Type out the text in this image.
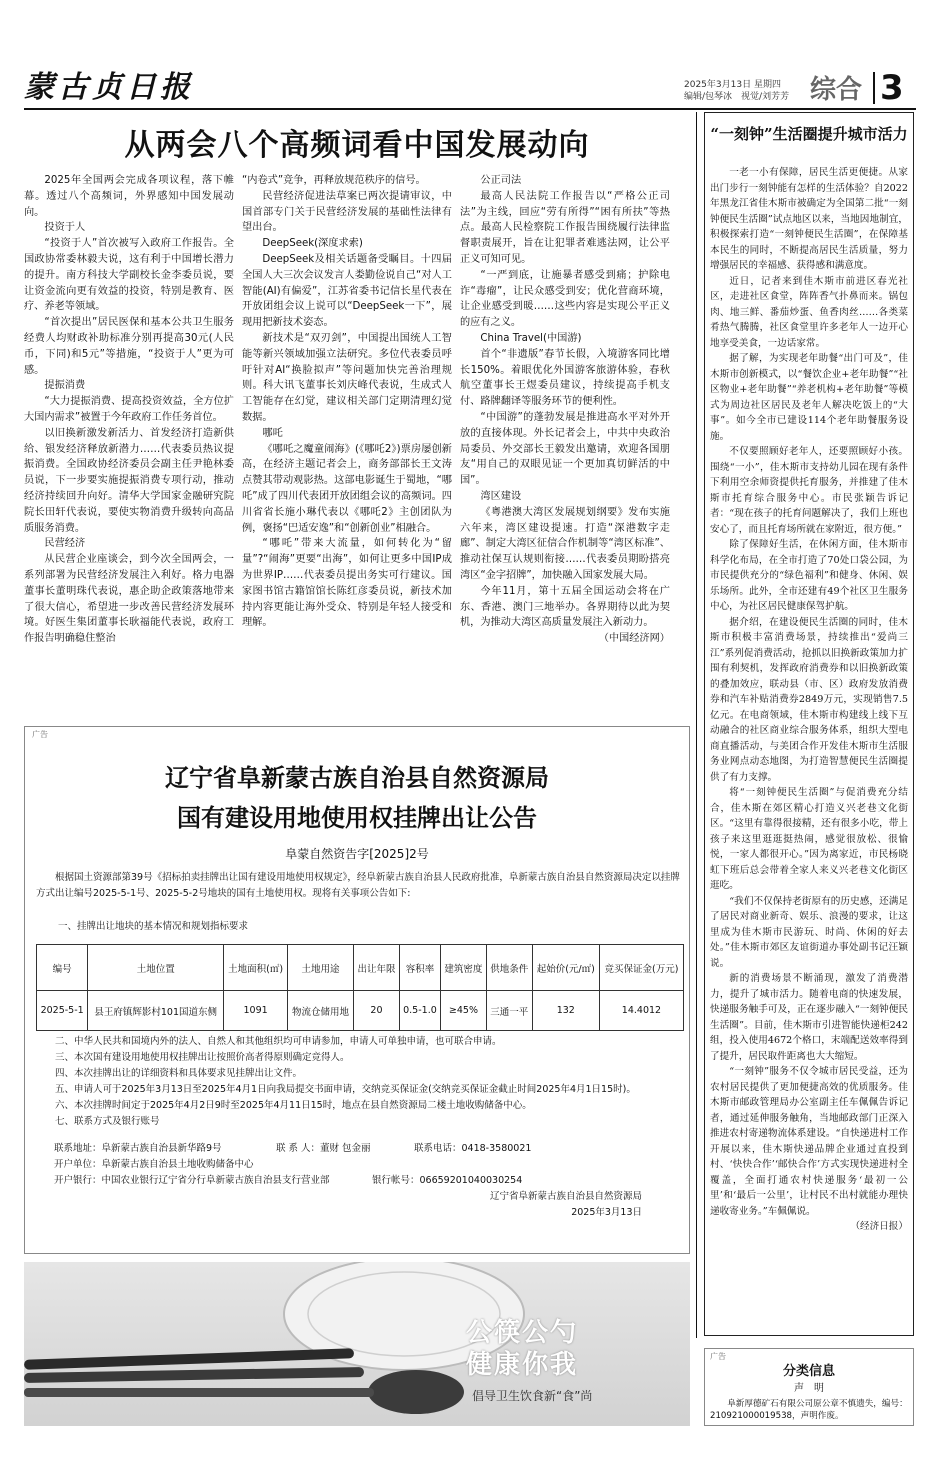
蒙古贞日报	2025年3月13日 星期四
编辑/包琴冰　视觉/刘芳芳 综合 3
从两会八个高频词看中国发展动向
2025年全国两会完成各项议程，落下帷幕。透过八个高频词，外界感知中国发展动向。
投资于人
“投资于人”首次被写入政府工作报告。全国政协常委林毅夫说，这有利于中国增长潜力的提升。南方科技大学副校长金李委员说，要让资金流向更有效益的投资，特别是教育、医疗、养老等领域。
“首次提出”居民医保和基本公共卫生服务经费人均财政补助标准分别再提高30元(人民币，下同)和5元”等措施，“投资于人”更为可感。
提振消费
“大力提振消费、提高投资效益，全方位扩大国内需求”被置于今年政府工作任务首位。
以旧换新激发新活力、首发经济打造新供给、银发经济释放新潜力……代表委员热议提振消费。全国政协经济委员会副主任尹艳林委员说，下一步要实施提振消费专项行动，推动经济持续回升向好。清华大学国家金融研究院院长田轩代表说，要使实物消费升级转向高品质服务消费。
民营经济
从民营企业座谈会，到今次全国两会，一系列部署为民营经济发展注入利好。格力电器董事长董明珠代表说，惠企助企政策落地带来了很大信心，希望进一步改善民营经济发展环境。好医生集团董事长耿福能代表说，政府工作报告明确稳住整治
“内卷式”竞争，再释放规范秩序的信号。
民营经济促进法草案已两次提请审议，中国首部专门关于民营经济发展的基础性法律有望出台。
DeepSeek(深度求索)
DeepSeek及相关话题备受瞩目。十四届全国人大三次会议发言人娄勤俭说自己“对人工智能(AI)有偏爱”，江苏省委书记信长星代表在开放团组会议上说可以“DeepSeek一下”，展现用把新技术姿态。
新技术是“双刃剑”，中国提出国统人工智能等新兴领域加强立法研究。多位代表委员呼吁针对AI“换脸拟声”等问题加快完善治理规则。科大讯飞董事长刘庆峰代表说，生成式人工智能存在幻觉，建议相关部门定期清理幻觉数据。
哪吒
《哪吒之魔童闹海》(《哪吒2》)票房屡创新高，在经济主题记者会上，商务部部长王文涛点赞其带动观影热。这部电影诞生于蜀地，“哪吒”成了四川代表团开放团组会议的高频词。四川省省长施小琳代表以《哪吒2》主创团队为例，褒扬“巴适安逸”和“创新创业”相融合。
“哪吒”带来大流量，如何转化为“留量”?“闹海”更要“出海”，如何让更多中国IP成为世界IP……代表委员提出务实可行建议。国家图书馆古籍馆馆长陈红彦委员说，新技术加持内容更能让海外受众、特别是年轻人接受和理解。
公正司法
最高人民法院工作报告以“严格公正司法”为主线，回应“劳有所得”“困有所扶”等热点。最高人民检察院工作报告围绕履行法律监督职责展开，旨在让犯罪者难逃法网，让公平正义可知可见。
“一严到底，让施暴者感受到痛；护除电诈“毒瘤”，让民众感受到安；优化营商环境，让企业感受到暖……这些内容是实现公平正义的应有之义。
China Travel(中国游)
首个“非遗版”春节长假，入境游客同比增长150%。着眼优化外国游客旅游体验，春秋航空董事长王煜委员建议，持续提高手机支付、路牌翻译等服务环节的便利性。
“中国游”的蓬勃发展是推进高水平对外开放的直接体现。外长记者会上，中共中央政治局委员、外交部长王毅发出邀请，欢迎各国朋友“用自己的双眼见证一个更加真切鲜活的中国”。
湾区建设
《粤港澳大湾区发展规划纲要》发布实施六年来，湾区建设提速。打造“深港数字走廊”、制定大湾区征信合作机制等“湾区标准”、推动社保互认规则衔接……代表委员期盼搭亮湾区“金字招牌”，加快融入国家发展大局。
今年11月，第十五届全国运动会将在广东、香港、澳门三地举办。各界期待以此为契机，为推动大湾区高质量发展注入新动力。
（中国经济网）
“一刻钟”生活圈提升城市活力
一老一小有保障，居民生活更便捷。从家出门步行一刻钟能有怎样的生活体验？自2022年黑龙江省佳木斯市被确定为全国第二批“一刻钟便民生活圈”试点地区以来，当地因地制宜，积极探索打造“一刻钟便民生活圈”，在保障基本民生的同时，不断提高居民生活质量，努力增强居民的幸福感、获得感和满意度。
近日，记者来到佳木斯市前进区春光社区，走进社区食堂，阵阵香气扑鼻而来。锅包肉、地三鲜、番茄炒蛋、鱼香肉丝……各类菜肴热气腾腾，社区食堂里许多老年人一边开心地享受美食，一边话家常。
据了解，为实现老年助餐“出门可及”，佳木斯市创新模式，以“餐饮企业+老年助餐”“社区物业+老年助餐”“养老机构+老年助餐”等模式为周边社区居民及老年人解决吃饭上的“大事”。如今全市已建设114个老年助餐服务设施。
不仅要照顾好老年人，还要照顾好小孩。围绕“一小”，佳木斯市支持幼儿园在现有条件下利用空余师资提供托育服务，并推建了佳木斯市托育综合服务中心。市民张颖告诉记者：“现在孩子的托育问题解决了，我们上班也安心了，而且托育场所就在家附近，很方便。”
除了保障好生活，在休闲方面，佳木斯市科学化布局，在全市打造了70处口袋公园，为市民提供充分的“绿色福利”和健身、休闲、娱乐场所。此外，全市还建有49个社区卫生服务中心，为社区居民健康保驾护航。
据介绍，在建设便民生活圈的同时，佳木斯市积极丰富消费场景，持续推出“爱尚三江”系列促消费活动，抢抓以旧换新政策加力扩围有利契机，发挥政府消费券和以旧换新政策的叠加效应，联动县（市、区）政府发放消费券和汽车补贴消费券2849万元，实现销售7.5亿元。在电商领域，佳木斯市构建线上线下互动融合的社区商业综合服务体系，组织大型电商直播活动，与美团合作开发佳木斯市生活服务业网点动态地图，为打造智慧便民生活圈提供了有力支撑。
将“一刻钟便民生活圈”与促消费充分结合，佳木斯在郊区精心打造义兴老巷文化街区。“这里有靠得很接精，还有很多小吃，带上孩子来这里逛逛挺热闹，感觉很放松、很愉悦，一家人都很开心。”因为离家近，市民杨晓虹下班后总会带着全家人来义兴老巷文化街区逛吃。
“我们不仅保持老街原有的历史感，还满足了居民对商业新奇、娱乐、浪漫的要求，让这里成为佳木斯市民游玩、时尚、休闲的好去处。”佳木斯市郊区友谊街道办事处副书记汪颖说。
新的消费场景不断涌现，激发了消费潜力，提升了城市活力。随着电商的快速发展，快递服务触手可及，正在逐步融入“一刻钟便民生活圈”。目前，佳木斯市引进智能快递柜242组，投入使用4672个格口，末端配送效率得到了提升，居民取件距离也大大缩短。
“一刻钟”服务不仅令城市居民受益，还为农村居民提供了更加便捷高效的优质服务。佳木斯市邮政管理局办公室副主任车佩佩告诉记者，通过延伸服务触角，当地邮政部门正深入推进农村寄递物流体系建设。“自快递进村工作开展以来，佳木斯快递品牌企业通过直投到村、‘快快合作’‘邮快合作’方式实现快递进村全覆盖，全面打通农村快递服务‘最初一公里’和‘最后一公里’，让村民不出村就能办理快递收寄业务。”车佩佩说。
（经济日报）
广告
辽宁省阜新蒙古族自治县自然资源局
国有建设用地使用权挂牌出让公告
阜蒙自然资告字[2025]2号
根据国土资源部第39号《招标拍卖挂牌出让国有建设用地使用权规定》，经阜新蒙古族自治县人民政府批准，阜新蒙古族自治县自然资源局决定以挂牌方式出让编号2025-5-1号、2025-5-2号地块的国有土地使用权。现将有关事项公告如下:
一、挂牌出让地块的基本情况和规划指标要求
编号	土地位置	土地面积(㎡)	土地用途	出让年限	容积率	建筑密度	供地条件	起始价(元/㎡)	竞买保证金(万元)
2025-5-1	县王府镇辉影村101国道东侧	1091	物流仓储用地	20	0.5-1.0	≥45%	三通一平	132	14.4012
二、中华人民共和国境内外的法人、自然人和其他组织均可申请参加，申请人可单独申请，也可联合申请。
三、本次国有建设用地使用权挂牌出让按照价高者得原则确定竞得人。
四、本次挂牌出让的详细资料和具体要求见挂牌出让文件。
五、申请人可于2025年3月13日至2025年4月1日向我局提交书面申请，交纳竞买保证金(交纳竞买保证金截止时间2025年4月1日15时)。
六、本次挂牌时间定于2025年4月2日9时至2025年4月11日15时，地点在县自然资源局二楼土地收购储备中心。
七、联系方式及银行账号
联系地址：阜新蒙古族自治县新华路9号	联 系 人：董财 包金丽	联系电话：0418-3580021
开户单位：阜新蒙古族自治县土地收购储备中心
开户银行：中国农业银行辽宁省分行阜新蒙古族自治县支行营业部	银行帐号：06659201040030254
辽宁省阜新蒙古族自治县自然资源局
2025年3月13日
公筷公勺
健康你我
倡导卫生饮食新“食”尚
广告
分类信息
声　明
阜新厚德矿石有限公司原公章不慎遗失，编号：210921000019538，声明作废。
